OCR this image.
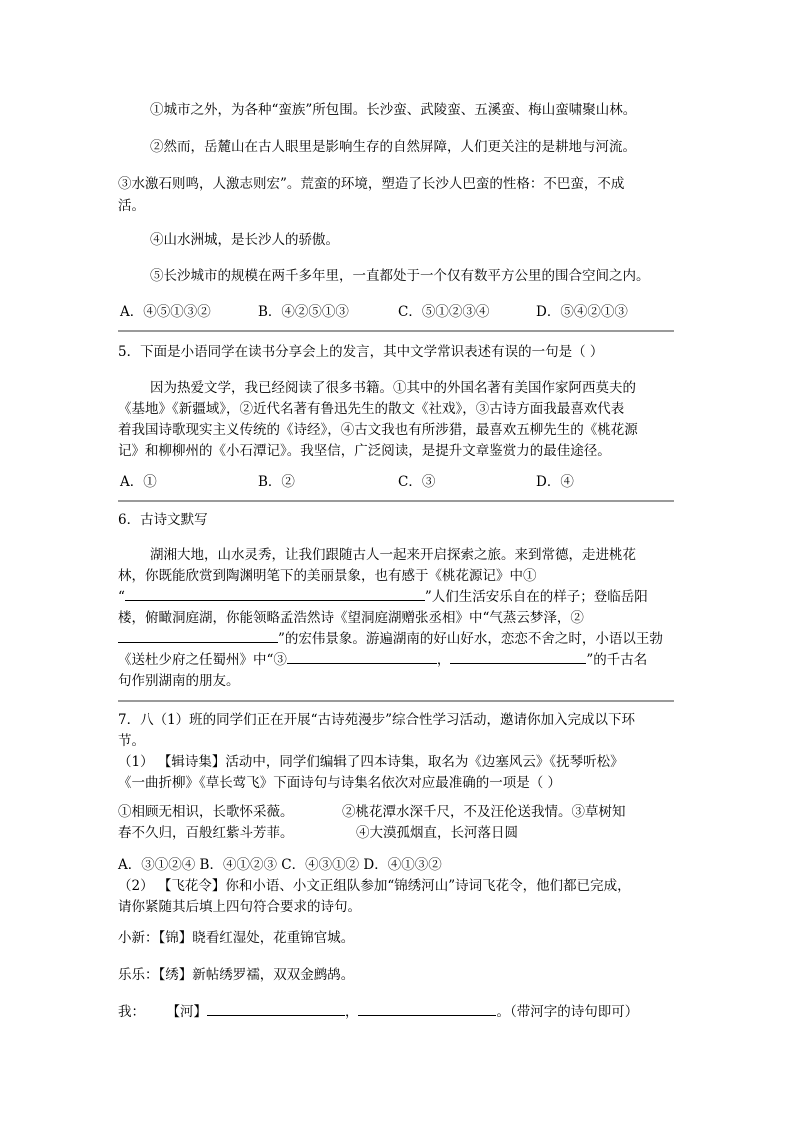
①城市之外，为各种“蛮族”所包围。长沙蛮、武陵蛮、五溪蛮、梅山蛮啸聚山林。
②然而，岳麓山在古人眼里是影响生存的自然屏障，人们更关注的是耕地与河流。
③水激石则鸣，人激志则宏”。荒蛮的环境，塑造了长沙人巴蛮的性格：不巴蛮，不成
活。
④山水洲城，是长沙人的骄傲。
⑤长沙城市的规模在两千多年里，一直都处于一个仅有数平方公里的围合空间之内。
A．④⑤①③②	B．④②⑤①③	C．⑤①②③④	D．⑤④②①③
5．下面是小语同学在读书分享会上的发言，其中文学常识表述有误的一句是（ ）
因为热爱文学，我已经阅读了很多书籍。①其中的外国名著有美国作家阿西莫夫的
《基地》《新疆域》，②近代名著有鲁迅先生的散文《社戏》，③古诗方面我最喜欢代表
着我国诗歌现实主义传统的《诗经》，④古文我也有所涉猎，最喜欢五柳先生的《桃花源
记》和柳柳州的《小石潭记》。我坚信，广泛阅读，是提升文章鉴赏力的最佳途径。
A．①	B．②	C．③	D．④
6．古诗文默写
湖湘大地，山水灵秀，让我们跟随古人一起来开启探索之旅。来到常德，走进桃花
林，你既能欣赏到陶渊明笔下的美丽景象，也有感于《桃花源记》中①
“	”人们生活安乐自在的样子；登临岳阳
楼，俯瞰洞庭湖，你能领略孟浩然诗《望洞庭湖赠张丞相》中“气蒸云梦泽，②
”的宏伟景象。游遍湖南的好山好水，恋恋不舍之时，小语以王勃
《送杜少府之任蜀州》中“③	，	”的千古名
句作别湖南的朋友。
7．八（1）班的同学们正在开展“古诗苑漫步”综合性学习活动，邀请你加入完成以下环
节。
（1） 【辑诗集】活动中，同学们编辑了四本诗集，取名为《边塞风云》《抚琴听松》
《一曲折柳》《草长莺飞》下面诗句与诗集名依次对应最准确的一项是（ ）
①相顾无相识，长歌怀采薇。	②桃花潭水深千尺，不及汪伦送我情。③草树知
春不久归，百般红紫斗芳菲。	④大漠孤烟直，长河落日圆
A．③①②④ B．④①②③ C．④③①② D．④①③②
（2） 【飞花令】你和小语、小文正组队参加“锦绣河山”诗词飞花令，他们都已完成，
请你紧随其后填上四句符合要求的诗句。
小新：【锦】晓看红湿处，花重锦官城。
乐乐：【绣】新帖绣罗襦，双双金鹧鸪。
我：     【河】	，	。（带河字的诗句即可）
